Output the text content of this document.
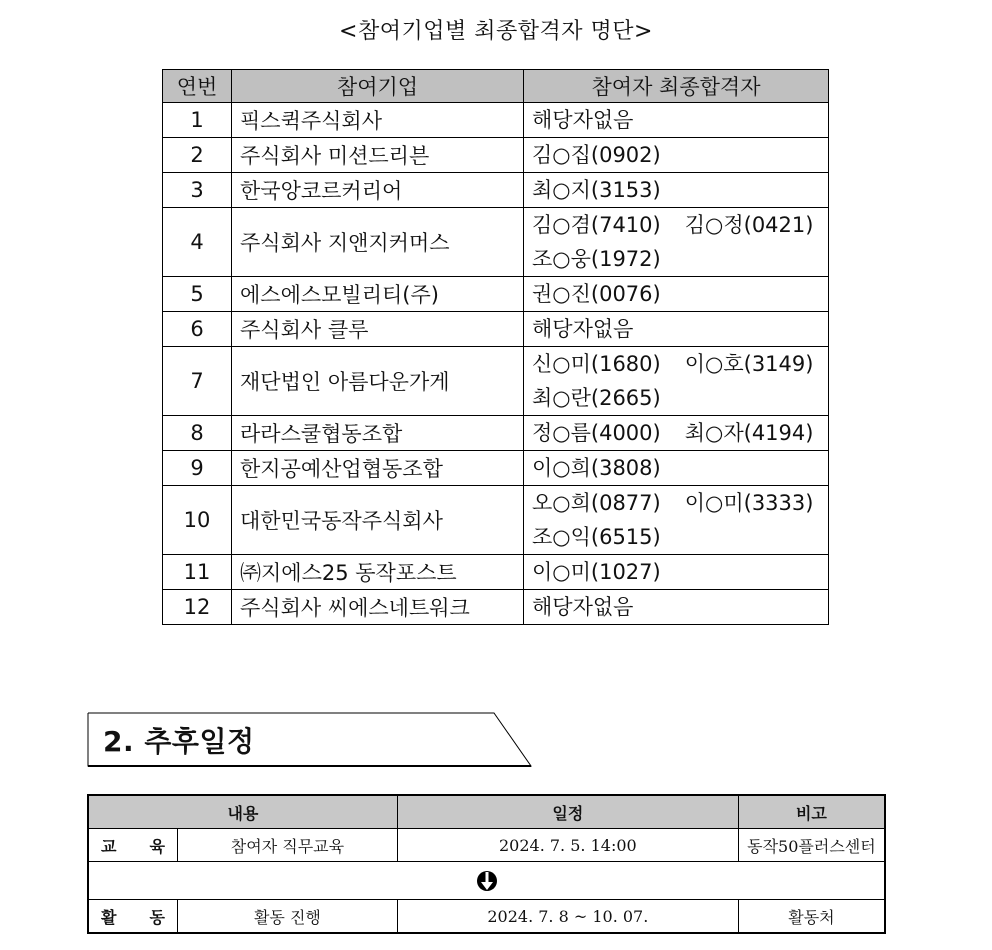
<참여기업별 최종합격자 명단>
연번	참여기업	참여자 최종합격자
1	픽스퀵주식회사	해당자없음

2	주식회사 미션드리븐	김○집(0902)

3	한국앙코르커리어	최○지(3153)

4	주식회사 지앤지커머스	김○겸(7410) 김○정(0421)
조○웅(1972)

5	에스에스모빌리티(주)	권○진(0076)

6	주식회사 클루	해당자없음

7	재단법인 아름다운가게	신○미(1680) 이○호(3149)
최○란(2665)

8	라라스쿨협동조합	정○름(4000) 최○자(4194)

9	한지공예산업협동조합	이○희(3808)

10	대한민국동작주식회사	오○희(0877) 이○미(3333)
조○익(6515)

11	㈜지에스25 동작포스트	이○미(1027)

12	주식회사 씨에스네트워크	해당자없음
2. 추후일정
내용		일정	비고
교 육	참여자 직무교육	2024. 7. 5. 14:00	동작50플러스센터

활 동	활동 진행	2024. 7. 8 ~ 10. 07.	활동처
